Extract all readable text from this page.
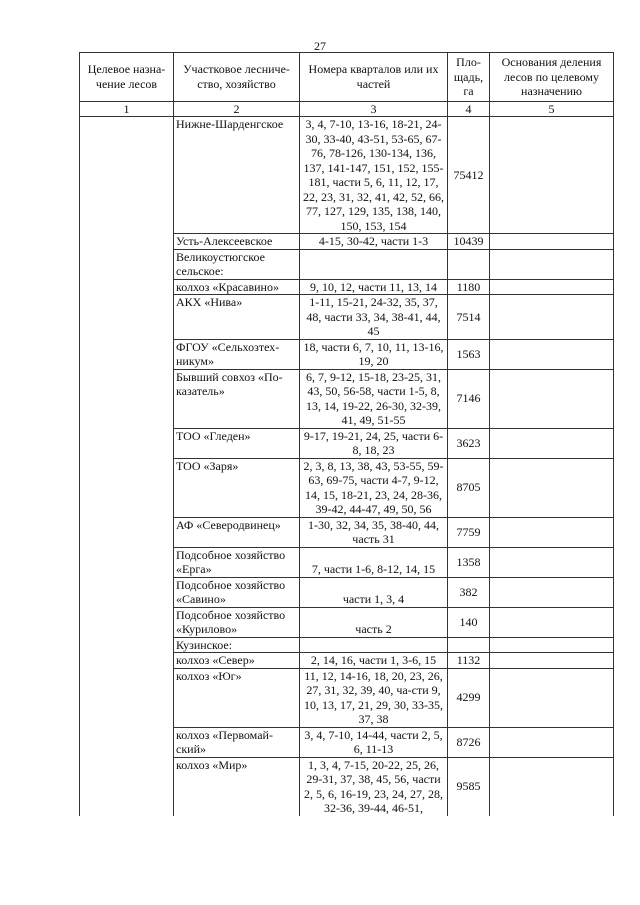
27
Целевое назна-чение лесов	Участковое лесниче-ство, хозяйство	Номера кварталов или их частей	Пло-щадь, га	Основания деления лесов по целевому назначению
1	2	3	4	5
	Нижне-Шарденгское	3, 4, 7-10, 13-16, 18-21, 24-30, 33-40, 43-51, 53-65, 67-76, 78-126, 130-134, 136, 137, 141-147, 151, 152, 155-181, части 5, 6, 11, 12, 17, 22, 23, 31, 32, 41, 42, 52, 66, 77, 127, 129, 135, 138, 140, 150, 153, 154	75412	
	Усть-Алексеевское	4-15, 30-42, части 1-3	10439	
	Великоустюгское сельское:			
	колхоз «Красавино»	9, 10, 12, части 11, 13, 14	1180	
	АКХ «Нива»	1-11, 15-21, 24-32, 35, 37, 48, части 33, 34, 38-41, 44, 45	7514	
	ФГОУ «Сельхозтех-никум»	18, части 6, 7, 10, 11, 13-16, 19, 20	1563	
	Бывший совхоз «По-казатель»	6, 7, 9-12, 15-18, 23-25, 31, 43, 50, 56-58, части 1-5, 8, 13, 14, 19-22, 26-30, 32-39, 41, 49, 51-55	7146	
	ТОО «Гледен»	9-17, 19-21, 24, 25, части 6-8, 18, 23	3623	
	ТОО «Заря»	2, 3, 8, 13, 38, 43, 53-55, 59-63, 69-75, части 4-7, 9-12, 14, 15, 18-21, 23, 24, 28-36, 39-42, 44-47, 49, 50, 56	8705	
	АФ «Северодвинец»	1-30, 32, 34, 35, 38-40, 44, часть 31	7759	
	Подсобное хозяйство «Ерга»	7, части 1-6, 8-12, 14, 15	1358	
	Подсобное хозяйство «Савино»	части 1, 3, 4	382	
	Подсобное хозяйство «Курилово»	часть 2	140	
	Кузинское:			
	колхоз «Север»	2, 14, 16, части 1, 3-6, 15	1132	
	колхоз «Юг»	11, 12, 14-16, 18, 20, 23, 26, 27, 31, 32, 39, 40, ча-сти 9, 10, 13, 17, 21, 29, 30, 33-35, 37, 38	4299	
	колхоз «Первомай-ский»	3, 4, 7-10, 14-44, части 2, 5, 6, 11-13	8726	
	колхоз «Мир»	1, 3, 4, 7-15, 20-22, 25, 26, 29-31, 37, 38, 45, 56, части 2, 5, 6, 16-19, 23, 24, 27, 28, 32-36, 39-44, 46-51,	9585	
